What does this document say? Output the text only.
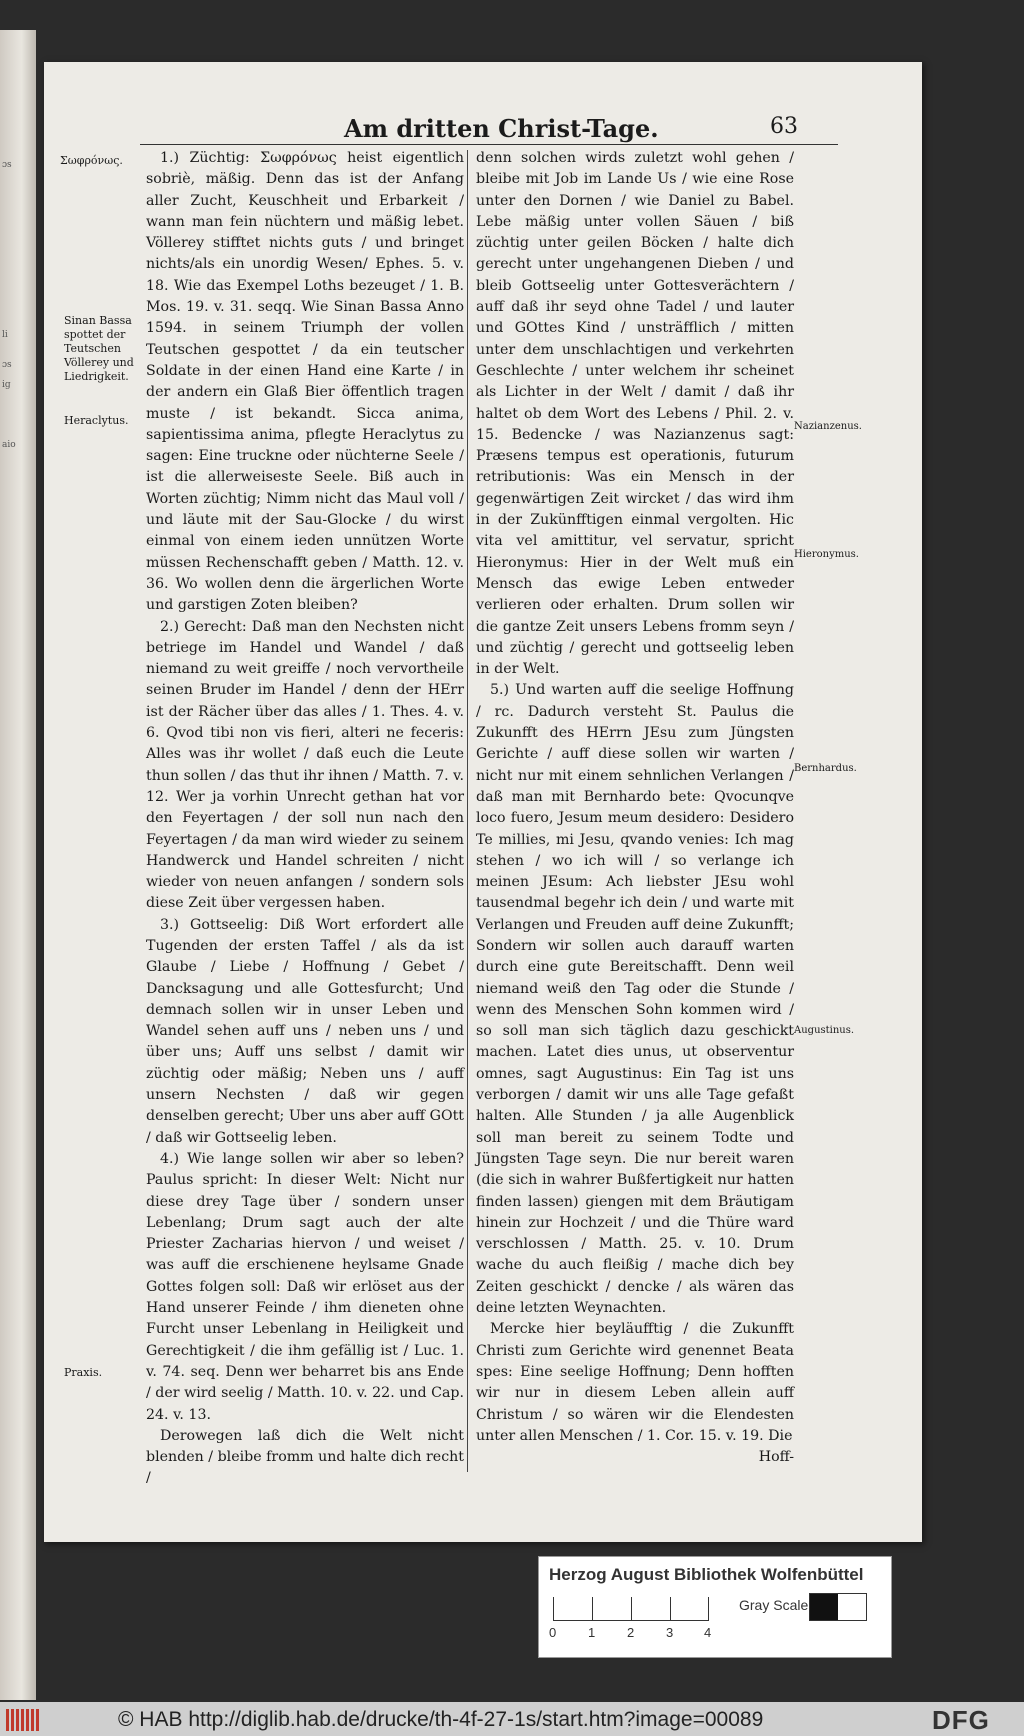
ɔs
li
ɔs
ig
aio
Am dritten Christ-Tage.	63
Σωφρόνως.
Sinan Bassa spottet der Teutschen Völlerey und Liedrigkeit.
Heraclytus.
Praxis.
Nazianzenus.
Hieronymus.
Bernhardus.
Augustinus.

1.) Züchtig: Σωφρόνως heist eigentlich sobriè, mäßig. Denn das ist der Anfang aller Zucht, Keuschheit und Erbarkeit / wann man fein nüchtern und mäßig lebet. Völlerey stifftet nichts guts / und bringet nichts/als ein unordig Wesen/ Ephes. 5. v. 18. Wie das Exempel Loths bezeuget / 1. B. Mos. 19. v. 31. seqq. Wie Sinan Bassa Anno 1594. in seinem Triumph der vollen Teutschen gespottet / da ein teutscher Soldate in der einen Hand eine Karte / in der andern ein Glaß Bier öffentlich tragen muste / ist bekandt. Sicca anima, sapientissima anima, pflegte Heraclytus zu sagen: Eine truckne oder nüchterne Seele / ist die allerweiseste Seele. Biß auch in Worten züchtig; Nimm nicht das Maul voll / und läute mit der Sau-Glocke / du wirst einmal von einem ieden unnützen Worte müssen Rechenschafft geben / Matth. 12. v. 36. Wo wollen denn die ärgerlichen Worte und garstigen Zoten bleiben?

2.) Gerecht: Daß man den Nechsten nicht betriege im Handel und Wandel / daß niemand zu weit greiffe / noch vervortheile seinen Bruder im Handel / denn der HErr ist der Rächer über das alles / 1. Thes. 4. v. 6. Qvod tibi non vis fieri, alteri ne feceris: Alles was ihr wollet / daß euch die Leute thun sollen / das thut ihr ihnen / Matth. 7. v. 12. Wer ja vorhin Unrecht gethan hat vor den Feyertagen / der soll nun nach den Feyertagen / da man wird wieder zu seinem Handwerck und Handel schreiten / nicht wieder von neuen anfangen / sondern sols diese Zeit über vergessen haben.

3.) Gottseelig: Diß Wort erfordert alle Tugenden der ersten Taffel / als da ist Glaube / Liebe / Hoffnung / Gebet / Dancksagung und alle Gottesfurcht; Und demnach sollen wir in unser Leben und Wandel sehen auff uns / neben uns / und über uns; Auff uns selbst / damit wir züchtig oder mäßig; Neben uns / auff unsern Nechsten / daß wir gegen denselben gerecht; Uber uns aber auff GOtt / daß wir Gottseelig leben.

4.) Wie lange sollen wir aber so leben? Paulus spricht: In dieser Welt: Nicht nur diese drey Tage über / sondern unser Lebenlang; Drum sagt auch der alte Priester Zacharias hiervon / und weiset / was auff die erschienene heylsame Gnade Gottes folgen soll: Daß wir erlöset aus der Hand unserer Feinde / ihm dieneten ohne Furcht unser Lebenlang in Heiligkeit und Gerechtigkeit / die ihm gefällig ist / Luc. 1. v. 74. seq. Denn wer beharret bis ans Ende / der wird seelig / Matth. 10. v. 22. und Cap. 24. v. 13.

Derowegen laß dich die Welt nicht blenden / bleibe fromm und halte dich recht /

denn solchen wirds zuletzt wohl gehen / bleibe mit Job im Lande Us / wie eine Rose unter den Dornen / wie Daniel zu Babel. Lebe mäßig unter vollen Säuen / biß züchtig unter geilen Böcken / halte dich gerecht unter ungehangenen Dieben / und bleib Gottseelig unter Gottesverächtern / auff daß ihr seyd ohne Tadel / und lauter und GOttes Kind / unsträfflich / mitten unter dem unschlachtigen und verkehrten Geschlechte / unter welchem ihr scheinet als Lichter in der Welt / damit / daß ihr haltet ob dem Wort des Lebens / Phil. 2. v. 15. Bedencke / was Nazianzenus sagt: Præsens tempus est operationis, futurum retributionis: Was ein Mensch in der gegenwärtigen Zeit wircket / das wird ihm in der Zukünfftigen einmal vergolten. Hic vita vel amittitur, vel servatur, spricht Hieronymus: Hier in der Welt muß ein Mensch das ewige Leben entweder verlieren oder erhalten. Drum sollen wir die gantze Zeit unsers Lebens fromm seyn / und züchtig / gerecht und gottseelig leben in der Welt.

5.) Und warten auff die seelige Hoffnung / rc. Dadurch versteht St. Paulus die Zukunfft des HErrn JEsu zum Jüngsten Gerichte / auff diese sollen wir warten / nicht nur mit einem sehnlichen Verlangen / daß man mit Bernhardo bete: Qvocunqve loco fuero, Jesum meum desidero: Desidero Te millies, mi Jesu, qvando venies: Ich mag stehen / wo ich will / so verlange ich meinen JEsum: Ach liebster JEsu wohl tausendmal begehr ich dein / und warte mit Verlangen und Freuden auff deine Zukunfft; Sondern wir sollen auch darauff warten durch eine gute Bereitschafft. Denn weil niemand weiß den Tag oder die Stunde / wenn des Menschen Sohn kommen wird / so soll man sich täglich dazu geschickt machen. Latet dies unus, ut observentur omnes, sagt Augustinus: Ein Tag ist uns verborgen / damit wir uns alle Tage gefaßt halten. Alle Stunden / ja alle Augenblick soll man bereit zu seinem Todte und Jüngsten Tage seyn. Die nur bereit waren (die sich in wahrer Bußfertigkeit nur hatten finden lassen) giengen mit dem Bräutigam hinein zur Hochzeit / und die Thüre ward verschlossen / Matth. 25. v. 10. Drum wache du auch fleißig / mache dich bey Zeiten geschickt / dencke / als wären das deine letzten Weynachten.

Mercke hier beyläufftig / die Zukunfft Christi zum Gerichte wird genennet Beata spes: Eine seelige Hoffnung; Denn hofften wir nur in diesem Leben allein auff Christum / so wären wir die Elendesten unter allen Menschen / 1. Cor. 15. v. 19. Die

Hoff-

Herzog August Bibliothek Wolfenbüttel
0 1 2 3 4
Gray Scale
© HAB http://diglib.hab.de/drucke/th-4f-27-1s/start.htm?image=00089	DFG
